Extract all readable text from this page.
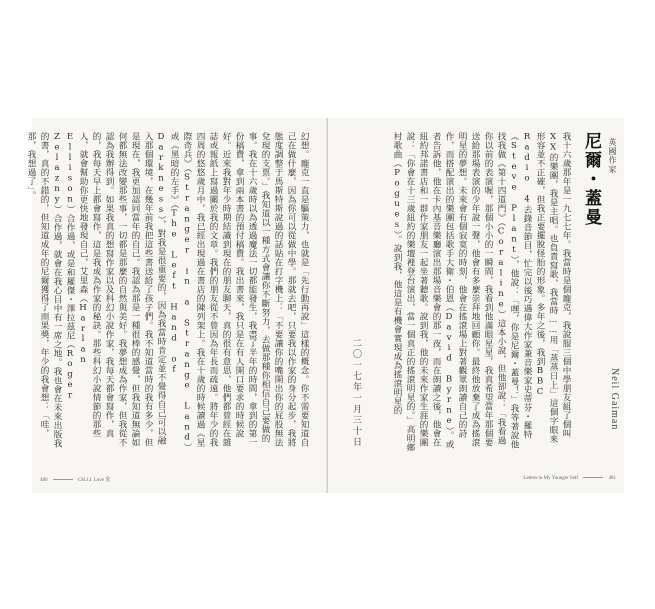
幻想。龐克一直是驅策力，也就是「先行動再說」這樣的概念。你不需要知道自己在做什麼，因為你可以從做中學。那就去吧，只要我以作家的身分起步，我將態度調整于馬斯特斯說過的話貼在打字機上：「不要讓你的嘴開出你的屁股無法兌現的支票。」我知道以一種方式會讓你不斷努力，去做那種你相信自己要做的事。我在十六歲時以為透過魔法一切都能發生，我盡了半年的時間，拿到的第一份稿費，拿到兩本書的預付稿費。我出書來，我只是在有人開口要求的時候說好。近來我對年少時期結識到現在的朋友聊天，真的很有意思，他們都曾經在雜誌或報紙上寫過關於我的文章。我們的朋友從不曾因為年長而疏遠。將年少的我四周的悠悠歲月中，我已經出現過在書店的陳列架上。我在十歲的時候讀過《星際奇兵》（Stranger in a Strange Land）或《黑暗的左手》（The Left Hand of Darkness），對我是很重要的，因為我當時肯定並不覺得自己可以融入那個環境，在幾年前我把這些書送給了孩子們。我不知道當時的我有多少，但是現在，我更加認同當年的自己。我認為那是一種很棒的感覺，但我知道無論如何都無法改變那些事，一切都是那麼的自然與美好。我夢想成為作家，但我從不認為我辦得到。如果我真的想寫作家以及科幻小說作家，我每天都會寫作，真的，我每天早上都會寫作，這是我成為作家的秘訣。那些科幻小說情節的那些人，就會幫助你更快地發現自己，艾里森（Harlan Ellison）合作過，或是和羅傑・澤拉茲尼（Roger Zelazny）合作過，就會在我心目中有一席之地。我也會在未來出版我的書，真的不錯的，但知道成年的尼爾獲得了雨果獎，年少的我會想：「哇，那，我想過了」。
480	CH.13. Love 愛
尼爾・蓋曼 英國作家
Neil Gaiman
我十六歲那年是一九七七年。我當時是個龐克，我說服三個中學朋友組了個叫XX的樂團，我是主唱。也負責寫歌，我當時……用「蒸蒸日上」這個字眼來形容並不正確，但我正要擺脫怪胎的形象。多年之後，我到BBC Radio 4去錄音節目，忙完以後巧遇偉大作家兼音樂家史蒂芬・羅特（Steve Plant），他說：「嘿，你是尼爾・蓋曼！」我等著說他找我做《第十四道門》（Coraline）這本小說，但他卻說：「我看過你以前的表演喔，那個小小的一瞬間，我看到他滿眼星星，我真希望當年那個要送給那場表演的少年說一聲，他會有多麼崇拜地回顧你。最終他放棄了成為搖滾明星的夢想。未來會有個寂寞的時刻，他會在搖滾場上對著觀眾朗讀自己的詩作，而搭配演出的樂團包括歌手大衛・伯恩（David Byrne）。或者告訴他，他在卡內基音樂廳演出那場音樂會的那一夜，而在朗讀之後，他會在紐約邦諾書店和一群作家朋友一起坐著聽歌。說到我，他的未來作家生涯的樂團說：「你會在十三歲紐約的樂壇裡登台演出，當一個真正的搖滾明星的。」高明鄉村歌曲（Pogues）。說到我，他這是有機會實現成為搖滾明星的
二〇一七年一月三十日
Letters to My Younger Self	481
